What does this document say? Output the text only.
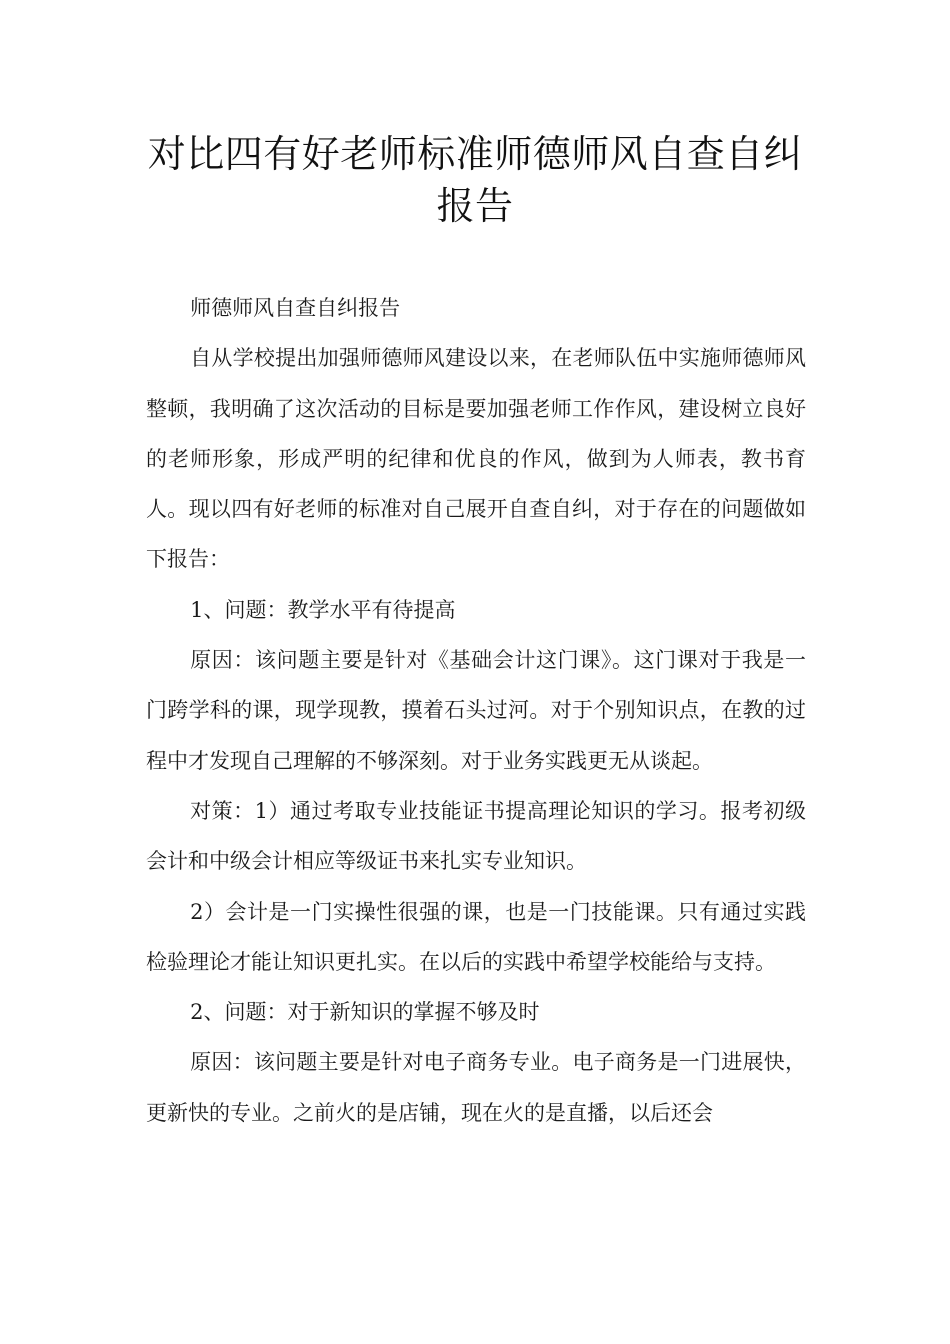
对比四有好老师标准师德师风自查自纠
报告

师德师风自查自纠报告

自从学校提出加强师德师风建设以来，在老师队伍中实施师德师风整顿，我明确了这次活动的目标是要加强老师工作作风，建设树立良好的老师形象，形成严明的纪律和优良的作风，做到为人师表，教书育人。现以四有好老师的标准对自己展开自查自纠，对于存在的问题做如下报告：

1、问题：教学水平有待提高

原因：该问题主要是针对《基础会计这门课》。这门课对于我是一门跨学科的课，现学现教，摸着石头过河。对于个别知识点，在教的过程中才发现自己理解的不够深刻。对于业务实践更无从谈起。

对策：1）通过考取专业技能证书提高理论知识的学习。报考初级会计和中级会计相应等级证书来扎实专业知识。

2）会计是一门实操性很强的课，也是一门技能课。只有通过实践检验理论才能让知识更扎实。在以后的实践中希望学校能给与支持。

2、问题：对于新知识的掌握不够及时

原因：该问题主要是针对电子商务专业。电子商务是一门进展快，更新快的专业。之前火的是店铺，现在火的是直播，以后还会
